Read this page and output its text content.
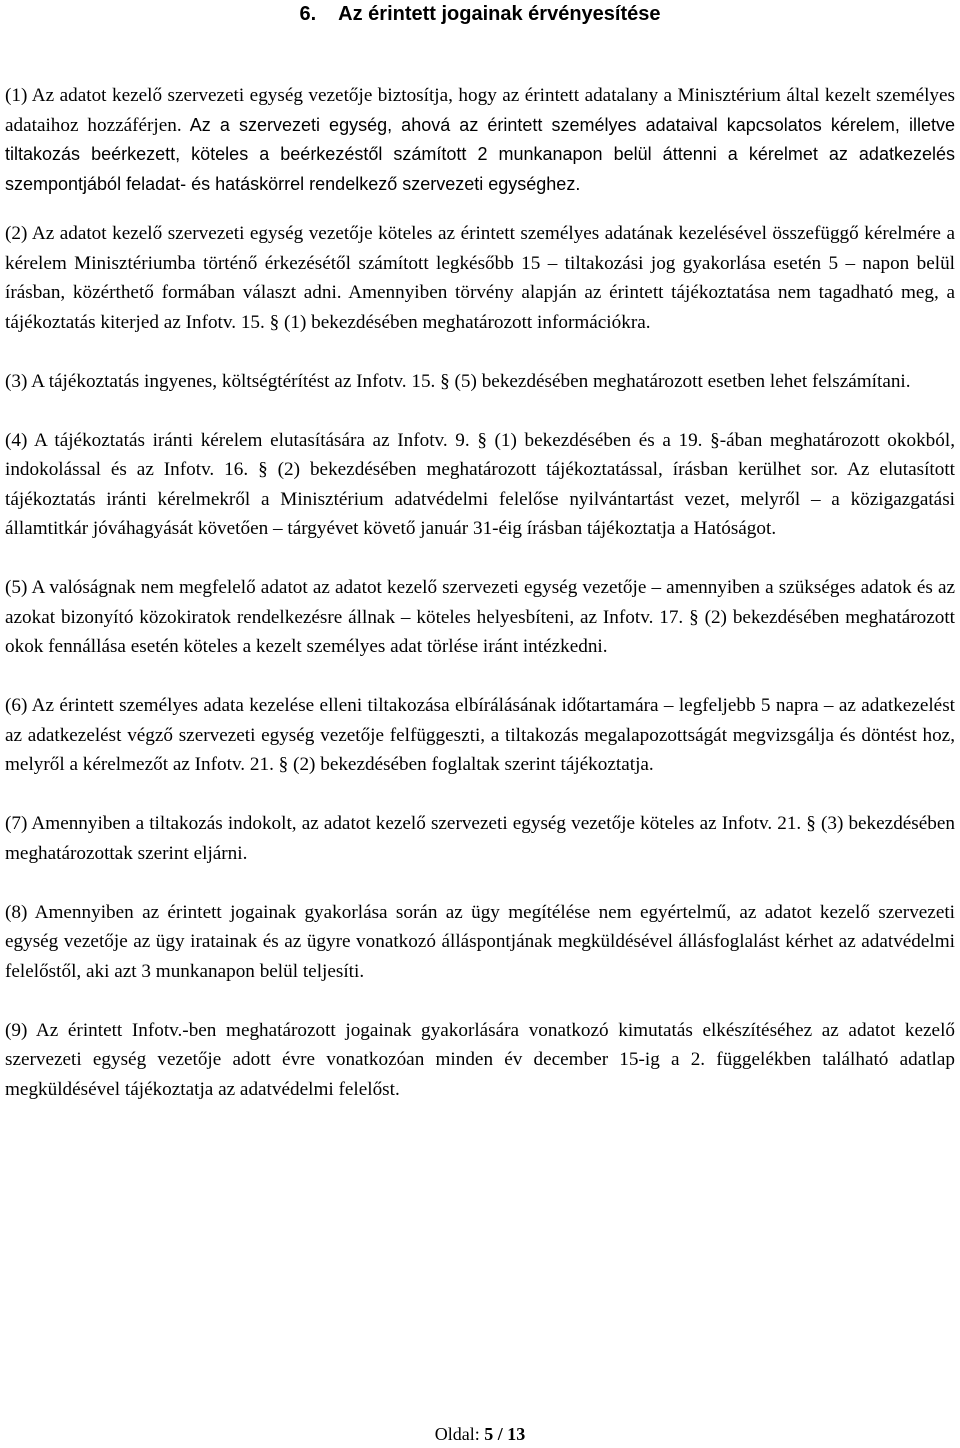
6. Az érintett jogainak érvényesítése

(1) Az adatot kezelő szervezeti egység vezetője biztosítja, hogy az érintett adatalany a Minisztérium által kezelt személyes adataihoz hozzáférjen. Az a szervezeti egység, ahová az érintett személyes adataival kapcsolatos kérelem, illetve tiltakozás beérkezett, köteles a beérkezéstől számított 2 munkanapon belül áttenni a kérelmet az adatkezelés szempontjából feladat- és hatáskörrel rendelkező szervezeti egységhez.

(2) Az adatot kezelő szervezeti egység vezetője köteles az érintett személyes adatának kezelésével összefüggő kérelmére a kérelem Minisztériumba történő érkezésétől számított legkésőbb 15 – tiltakozási jog gyakorlása esetén 5 – napon belül írásban, közérthető formában választ adni. Amennyiben törvény alapján az érintett tájékoztatása nem tagadható meg, a tájékoztatás kiterjed az Infotv. 15. § (1) bekezdésében meghatározott információkra.

(3) A tájékoztatás ingyenes, költségtérítést az Infotv. 15. § (5) bekezdésében meghatározott esetben lehet felszámítani.

(4) A tájékoztatás iránti kérelem elutasítására az Infotv. 9. § (1) bekezdésében és a 19. §-ában meghatározott okokból, indokolással és az Infotv. 16. § (2) bekezdésében meghatározott tájékoztatással, írásban kerülhet sor. Az elutasított tájékoztatás iránti kérelmekről a Minisztérium adatvédelmi felelőse nyilvántartást vezet, melyről – a közigazgatási államtitkár jóváhagyását követően – tárgyévet követő január 31-éig írásban tájékoztatja a Hatóságot.

(5) A valóságnak nem megfelelő adatot az adatot kezelő szervezeti egység vezetője – amennyiben a szükséges adatok és az azokat bizonyító közokiratok rendelkezésre állnak – köteles helyesbíteni, az Infotv. 17. § (2) bekezdésében meghatározott okok fennállása esetén köteles a kezelt személyes adat törlése iránt intézkedni.

(6) Az érintett személyes adata kezelése elleni tiltakozása elbírálásának időtartamára – legfeljebb 5 napra – az adatkezelést az adatkezelést végző szervezeti egység vezetője felfüggeszti, a tiltakozás megalapozottságát megvizsgálja és döntést hoz, melyről a kérelmezőt az Infotv. 21. § (2) bekezdésében foglaltak szerint tájékoztatja.

(7) Amennyiben a tiltakozás indokolt, az adatot kezelő szervezeti egység vezetője köteles az Infotv. 21. § (3) bekezdésében meghatározottak szerint eljárni.

(8) Amennyiben az érintett jogainak gyakorlása során az ügy megítélése nem egyértelmű, az adatot kezelő szervezeti egység vezetője az ügy iratainak és az ügyre vonatkozó álláspontjának megküldésével állásfoglalást kérhet az adatvédelmi felelőstől, aki azt 3 munkanapon belül teljesíti.

(9) Az érintett Infotv.-ben meghatározott jogainak gyakorlására vonatkozó kimutatás elkészítéséhez az adatot kezelő szervezeti egység vezetője adott évre vonatkozóan minden év december 15-ig a 2. függelékben található adatlap megküldésével tájékoztatja az adatvédelmi felelőst.

Oldal: 5 / 13
